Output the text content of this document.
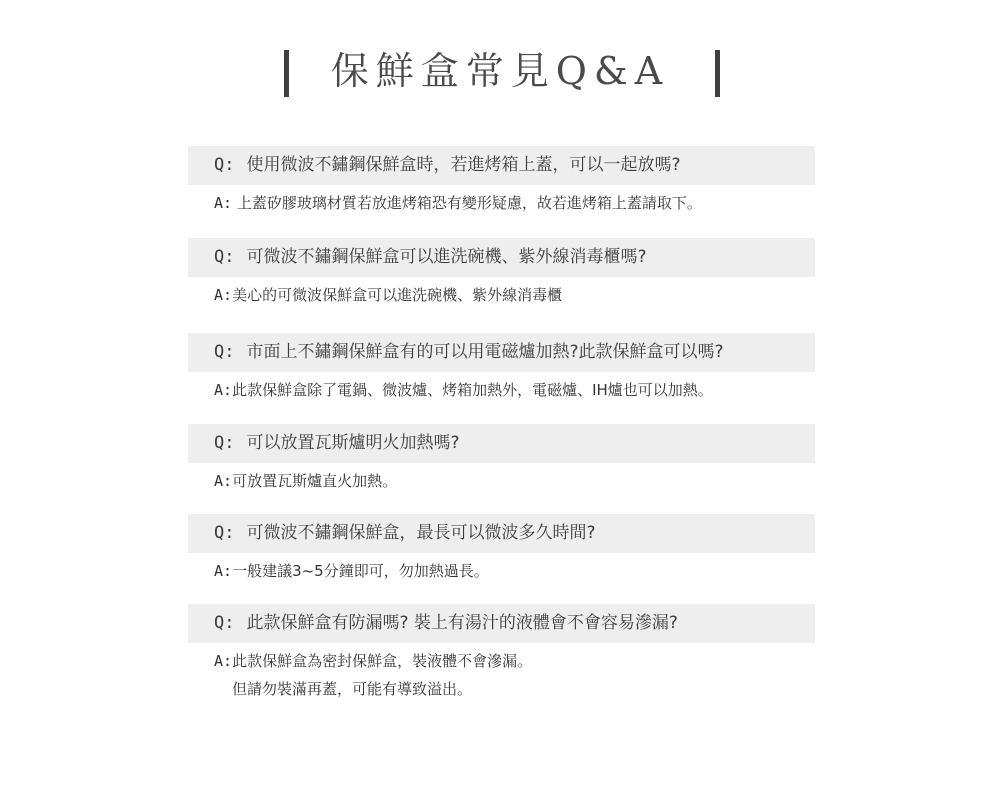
保鮮盒常見Q&A
Q: 使用微波不鏽鋼保鮮盒時，若進烤箱上蓋，可以一起放嗎?
A: 上蓋矽膠玻璃材質若放進烤箱恐有變形疑慮，故若進烤箱上蓋請取下。
Q: 可微波不鏽鋼保鮮盒可以進洗碗機、紫外線消毒櫃嗎?
A:美心的可微波保鮮盒可以進洗碗機、紫外線消毒櫃
Q: 市面上不鏽鋼保鮮盒有的可以用電磁爐加熱?此款保鮮盒可以嗎?
A:此款保鮮盒除了電鍋、微波爐、烤箱加熱外，電磁爐、IH爐也可以加熱。
Q: 可以放置瓦斯爐明火加熱嗎?
A:可放置瓦斯爐直火加熱。
Q: 可微波不鏽鋼保鮮盒，最長可以微波多久時間?
A:一般建議3~5分鐘即可，勿加熱過長。
Q: 此款保鮮盒有防漏嗎? 裝上有湯汁的液體會不會容易滲漏?
A:此款保鮮盒為密封保鮮盒，裝液體不會滲漏。
但請勿裝滿再蓋，可能有導致溢出。
